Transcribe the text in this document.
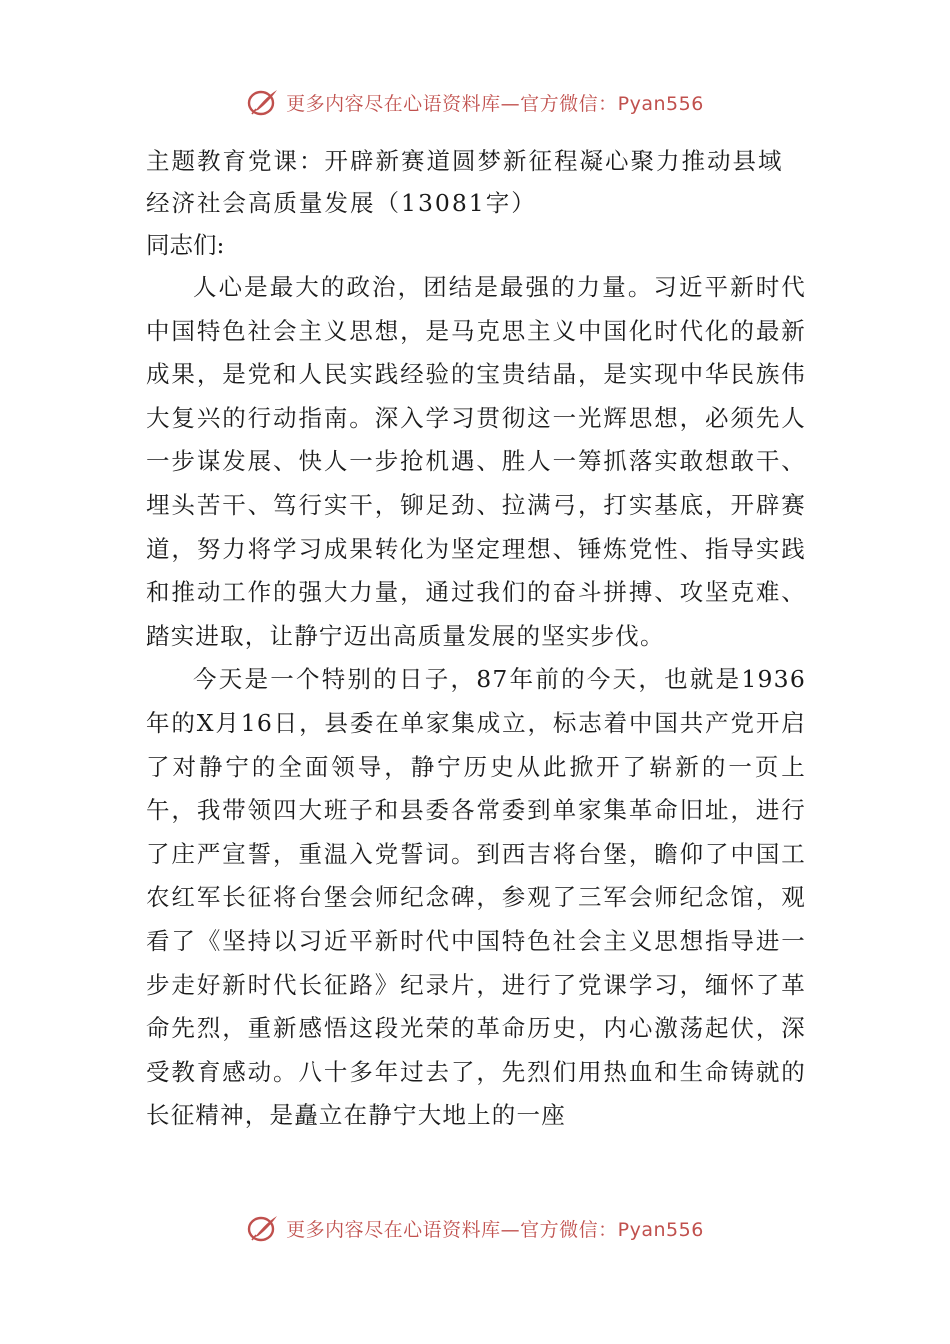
更多内容尽在心语资料库—官方微信：Pyan556
主题教育党课：开辟新赛道圆梦新征程凝心聚力推动县域经济社会高质量发展（13081字）

同志们:

人心是最大的政治，团结是最强的力量。习近平新时代中国特色社会主义思想，是马克思主义中国化时代化的最新成果，是党和人民实践经验的宝贵结晶，是实现中华民族伟大复兴的行动指南。深入学习贯彻这一光辉思想，必须先人一步谋发展、快人一步抢机遇、胜人一筹抓落实敢想敢干、埋头苦干、笃行实干，铆足劲、拉满弓，打实基底，开辟赛道，努力将学习成果转化为坚定理想、锤炼党性、指导实践和推动工作的强大力量，通过我们的奋斗拼搏、攻坚克难、踏实进取，让静宁迈出高质量发展的坚实步伐。

今天是一个特别的日子，87年前的今天，也就是1936年的X月16日，县委在单家集成立，标志着中国共产党开启了对静宁的全面领导，静宁历史从此掀开了崭新的一页上午，我带领四大班子和县委各常委到单家集革命旧址，进行了庄严宣誓，重温入党誓词。到西吉将台堡，瞻仰了中国工农红军长征将台堡会师纪念碑，参观了三军会师纪念馆，观看了《坚持以习近平新时代中国特色社会主义思想指导进一步走好新时代长征路》纪录片，进行了党课学习，缅怀了革命先烈，重新感悟这段光荣的革命历史，内心激荡起伏，深受教育感动。八十多年过去了，先烈们用热血和生命铸就的长征精神，是矗立在静宁大地上的一座

更多内容尽在心语资料库—官方微信：Pyan556
